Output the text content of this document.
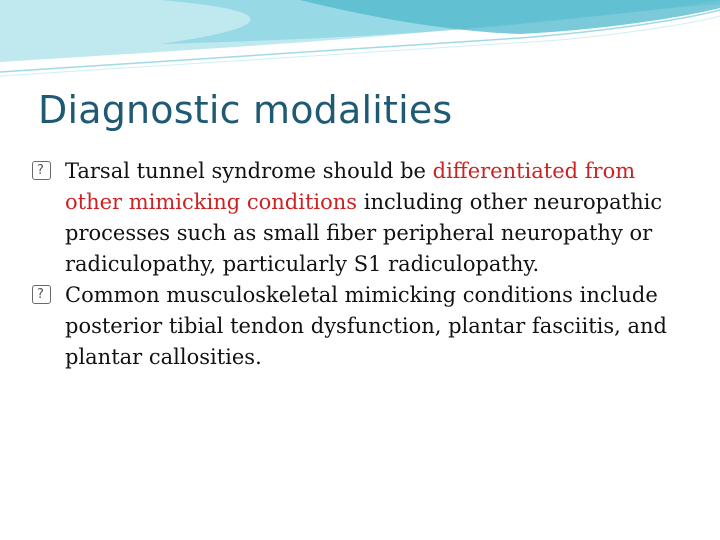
Diagnostic modalities

?
Tarsal tunnel syndrome should be differentiated from other mimicking conditions including other neuropathic processes such as small fiber peripheral neuropathy or radiculopathy, particularly S1 radiculopathy.

?
Common musculoskeletal mimicking conditions include posterior tibial tendon dysfunction, plantar fasciitis, and plantar callosities.
